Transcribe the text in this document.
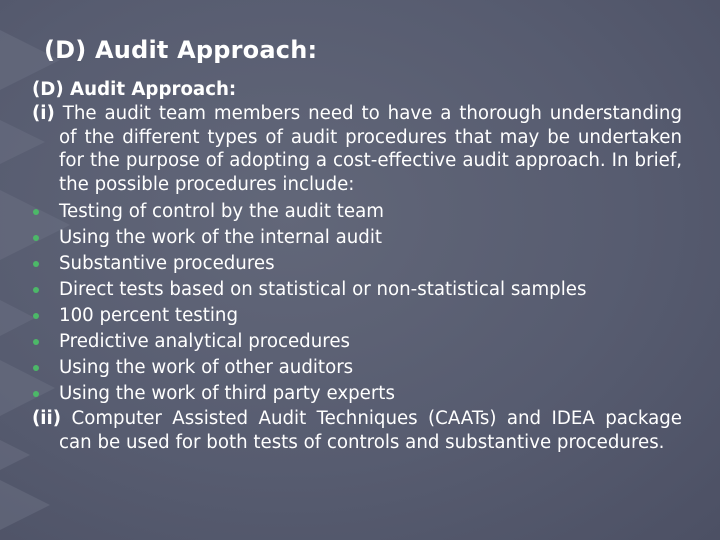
(D) Audit Approach:

(D) Audit Approach:

(i) The audit team members need to have a thorough understanding of the different types of audit procedures that may be undertaken for the purpose of adopting a cost-effective audit approach. In brief, the possible procedures include:

Testing of control by the audit team
Using the work of the internal audit
Substantive procedures
Direct tests based on statistical or non-statistical samples
100 percent testing
Predictive analytical procedures
Using the work of other auditors
Using the work of third party experts

(ii) Computer Assisted Audit Techniques (CAATs) and IDEA package can be used for both tests of controls and substantive procedures.
